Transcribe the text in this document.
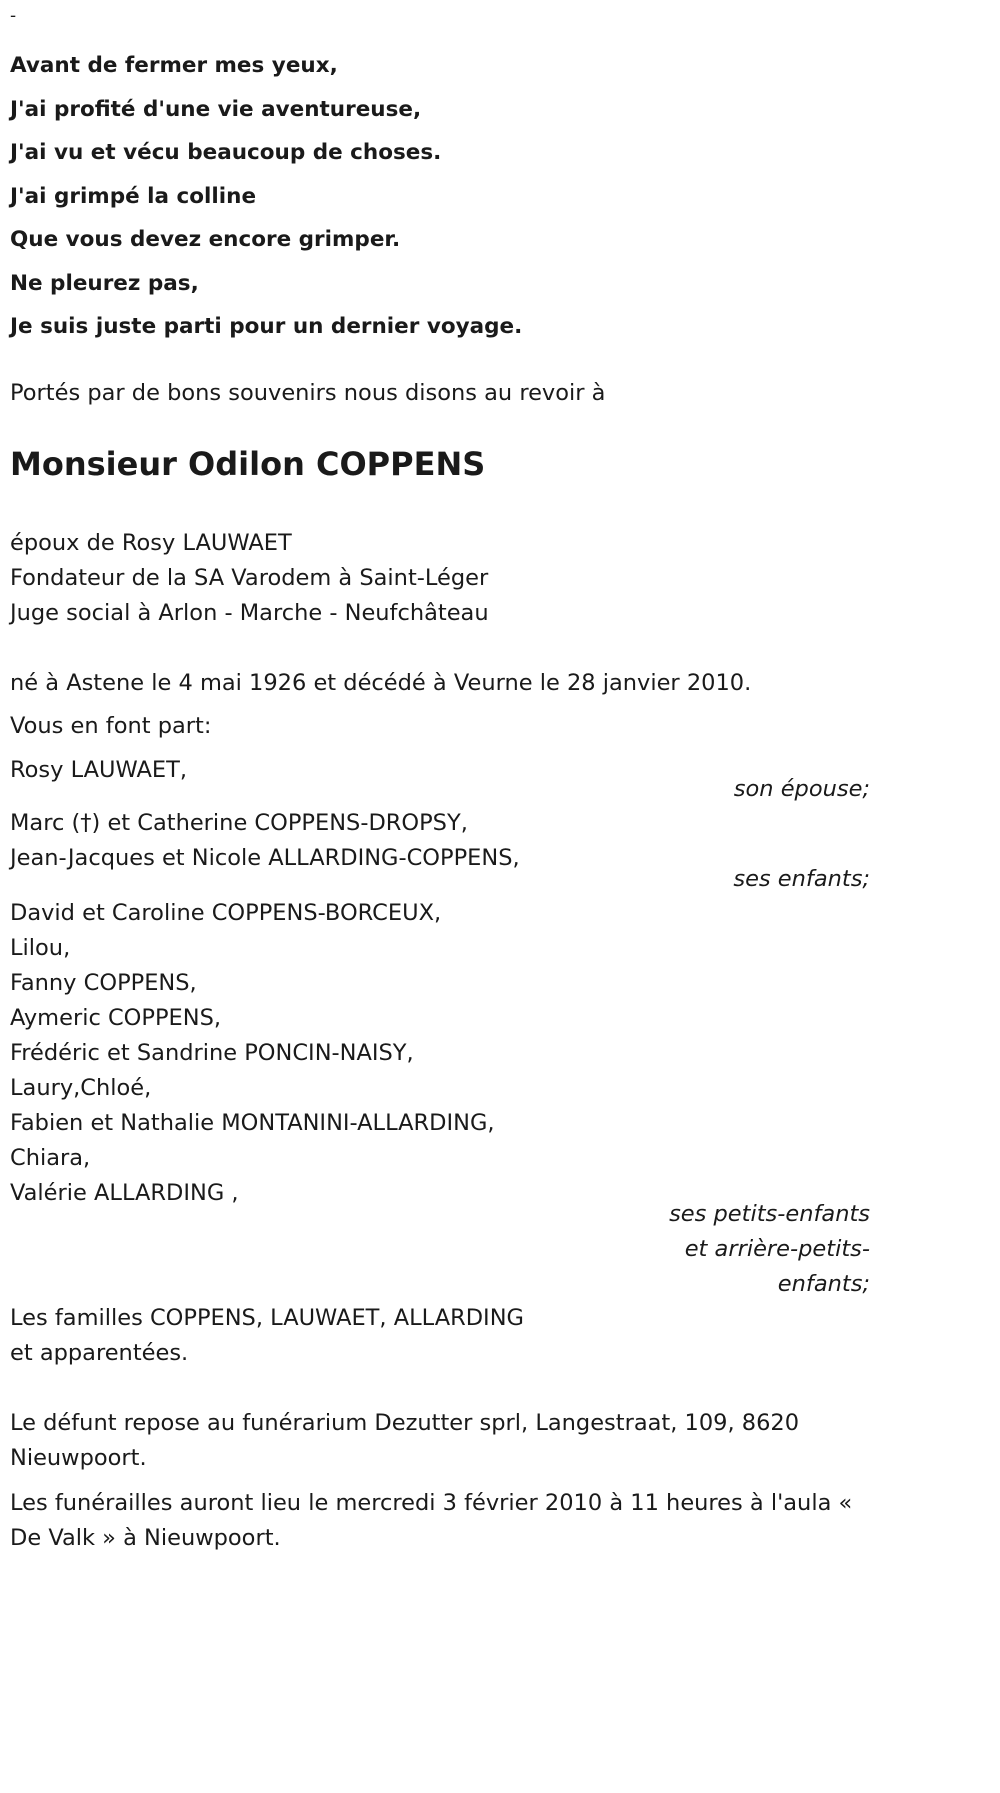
-
Avant de fermer mes yeux,
J'ai profité d'une vie aventureuse,
J'ai vu et vécu beaucoup de choses.
J'ai grimpé la colline
Que vous devez encore grimper.
Ne pleurez pas,
Je suis juste parti pour un dernier voyage.
Portés par de bons souvenirs nous disons au revoir à
Monsieur Odilon COPPENS
époux de Rosy LAUWAET
Fondateur de la SA Varodem à Saint-Léger
Juge social à Arlon - Marche - Neufchâteau
né à Astene le 4 mai 1926 et décédé à Veurne le 28 janvier 2010.
Vous en font part:
Rosy LAUWAET,
son épouse;
Marc (†) et Catherine COPPENS-DROPSY,
Jean-Jacques et Nicole ALLARDING-COPPENS,
ses enfants;
David et Caroline COPPENS-BORCEUX,
Lilou,
Fanny COPPENS,
Aymeric COPPENS,
Frédéric et Sandrine PONCIN-NAISY,
Laury,Chloé,
Fabien et Nathalie MONTANINI-ALLARDING,
Chiara,
Valérie ALLARDING ,
ses petits-enfants
et arrière-petits-
enfants;
Les familles COPPENS, LAUWAET, ALLARDING
et apparentées.
Le défunt repose au funérarium Dezutter sprl, Langestraat, 109, 8620
Nieuwpoort.
Les funérailles auront lieu le mercredi 3 février 2010 à 11 heures à l'aula «
De Valk » à Nieuwpoort.
